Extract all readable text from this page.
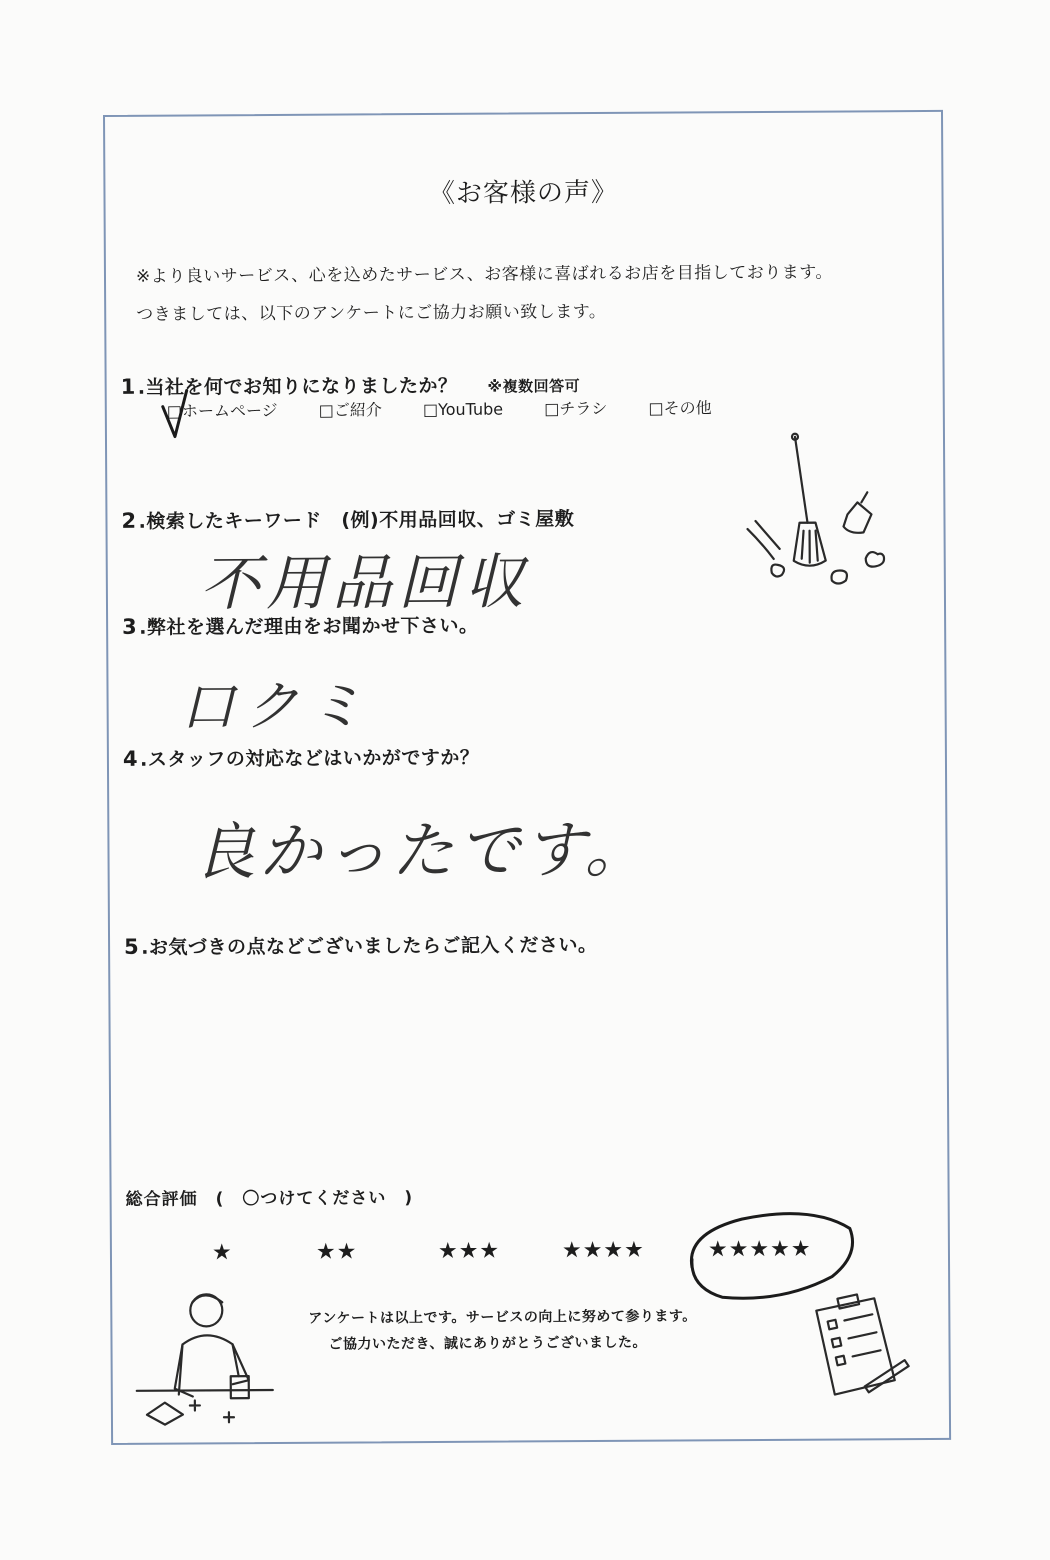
《お客様の声》
※より良いサービス、心を込めたサービス、お客様に喜ばれるお店を目指しております。
つきましては、以下のアンケートにご協力お願い致します。
1.当社を何でお知りになりましたか？ ※複数回答可
□ホームページ	□ご紹介	□YouTube	□チラシ	□その他
2.検索したキーワード　(例)不用品回収、ゴミ屋敷
不用品回収
3.弊社を選んだ理由をお聞かせ下さい。
口クミ
4.スタッフの対応などはいかがですか？
良かったです。
5.お気づきの点などございましたらご記入ください。
総合評価　(　〇つけてください　)
★	★★	★★★	★★★★	★★★★★
アンケートは以上です。サービスの向上に努めて参ります。
ご協力いただき、誠にありがとうございました。
